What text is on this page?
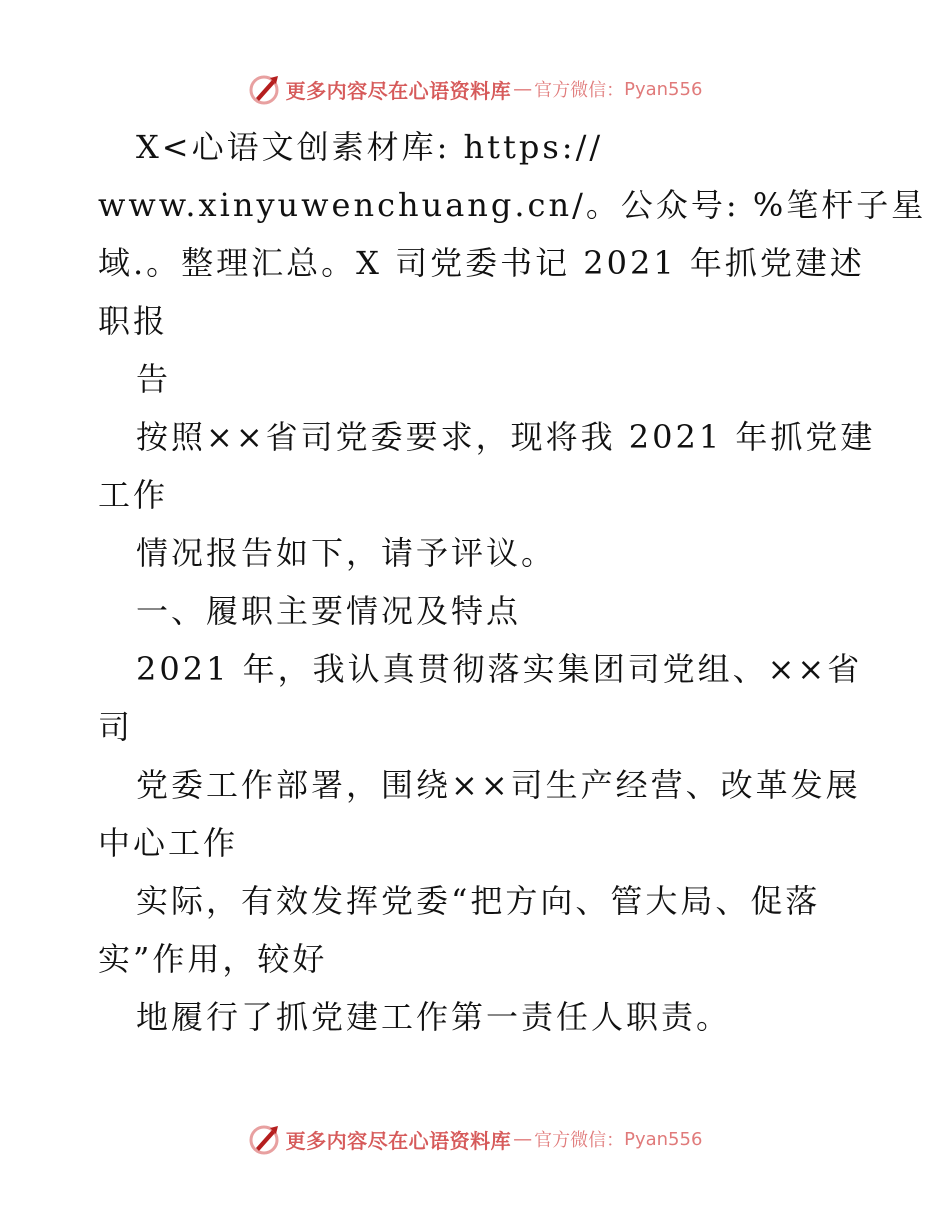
更多内容尽在心语资料库 — 官方微信： Pyan556

X<心语文创素材库: https://

www.xinyuwenchuang.cn/。公众号: %笔杆子星

域.。整理汇总。X 司党委书记 2021 年抓党建述

职报

告

按照××省司党委要求，现将我 2021 年抓党建

工作

情况报告如下，请予评议。

一、履职主要情况及特点

2021 年，我认真贯彻落实集团司党组、××省

司

党委工作部署，围绕××司生产经营、改革发展

中心工作

实际，有效发挥党委“把方向、管大局、促落

实”作用，较好

地履行了抓党建工作第一责任人职责。

更多内容尽在心语资料库 — 官方微信： Pyan556
